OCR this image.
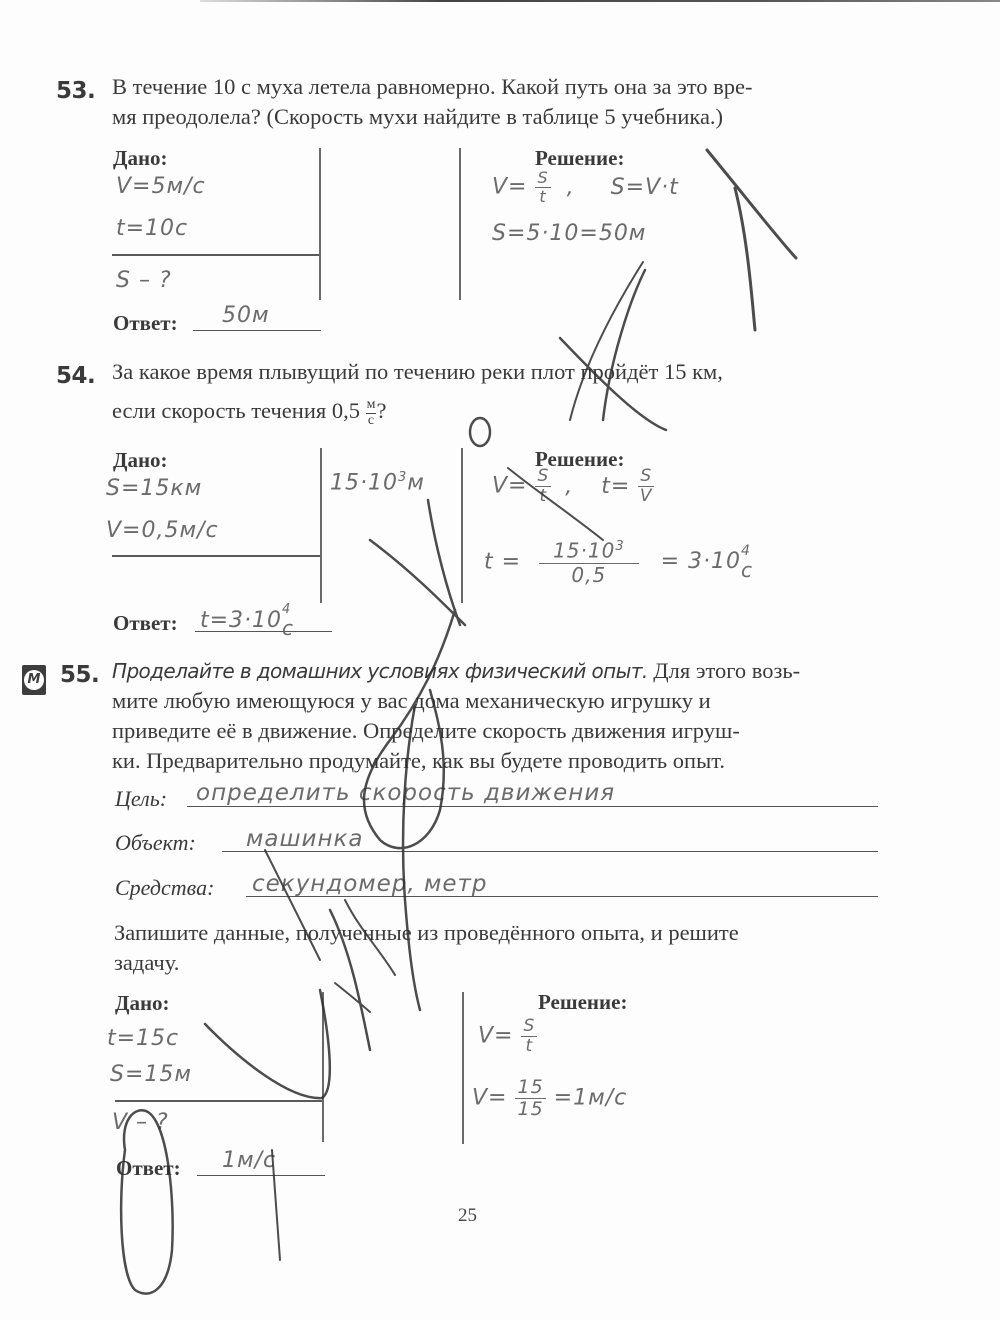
53. В течение 10 с муха летела равномерно. Какой путь она за это вре-
мя преодолела? (Скорость мухи найдите в таблице 5 учебника.)
Дано:
V=5м/с
t=10с
S – ?
Решение:
$V= \frac{S}{t}$ , S=V·t
S=5·10=50м
Ответ: 50м
54. За какое время плывущий по течению реки плот пройдёт 15 км,
если скорость течения $0,5 \frac{м}{с}$ ?
Дано:
S=15км
V=0,5м/с
$15\cdot 10^3м$
Решение:
$V= \frac{S}{t}$ , $t= \frac{S}{V}$
$t = \frac{15\cdot 10^3}{0,5} = 3\cdot 10$ 4
с
Ответ: t=3·10 4
с
М 55. Проделайте в домашних условиях физический опыт. Для этого возь-
мите любую имеющуюся у вас дома механическую игрушку и
приведите её в движение. Определите скорость движения игруш-
ки. Предварительно продумайте, как вы будете проводить опыт.
Цель: определить скорость движения
Объект: машинка
Средства: секундомер, метр
Запишите данные, полученные из проведённого опыта, и решите
задачу.
Дано:
t=15с
S=15м
V – ?
Решение:
$V= \frac{S}{t}$
$V= \frac{15}{15} =1м/с$
Ответ: 1м/с
25
